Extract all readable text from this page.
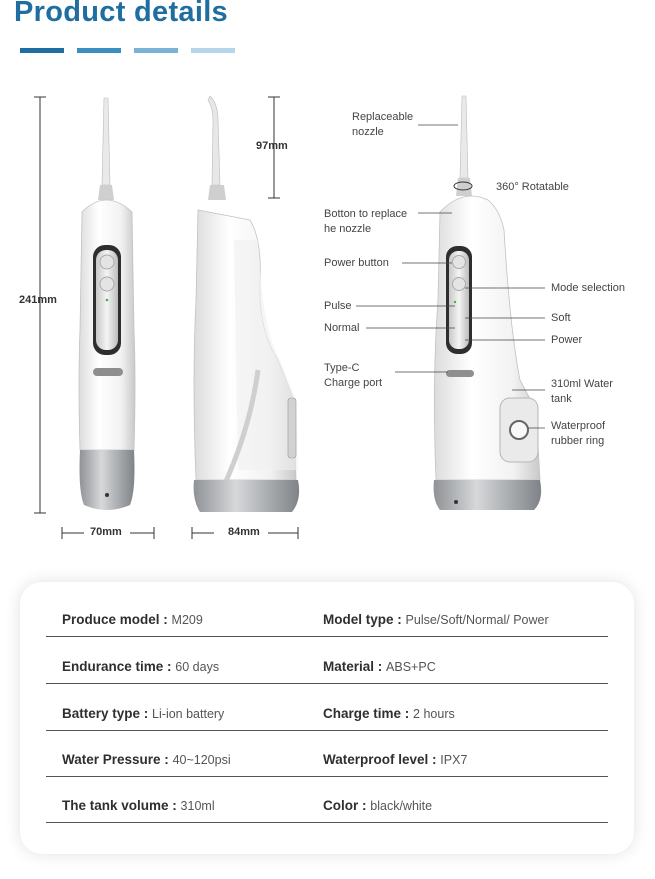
Product details
241mm
97mm
70mm	84mm
Replaceable
nozzle
360° Rotatable
Botton to replace
he nozzle
Power button
Pulse
Normal
Type-C
Charge port
Mode selection
Soft
Power
310ml Water
tank
Waterproof
rubber ring
Produce model : M209	Model type : Pulse/Soft/Normal/ Power
Endurance time : 60 days	Material : ABS+PC
Battery type : Li-ion battery	Charge time : 2 hours
Water Pressure : 40~120psi	Waterproof level : IPX7
The tank volume : 310ml	Color : black/white
